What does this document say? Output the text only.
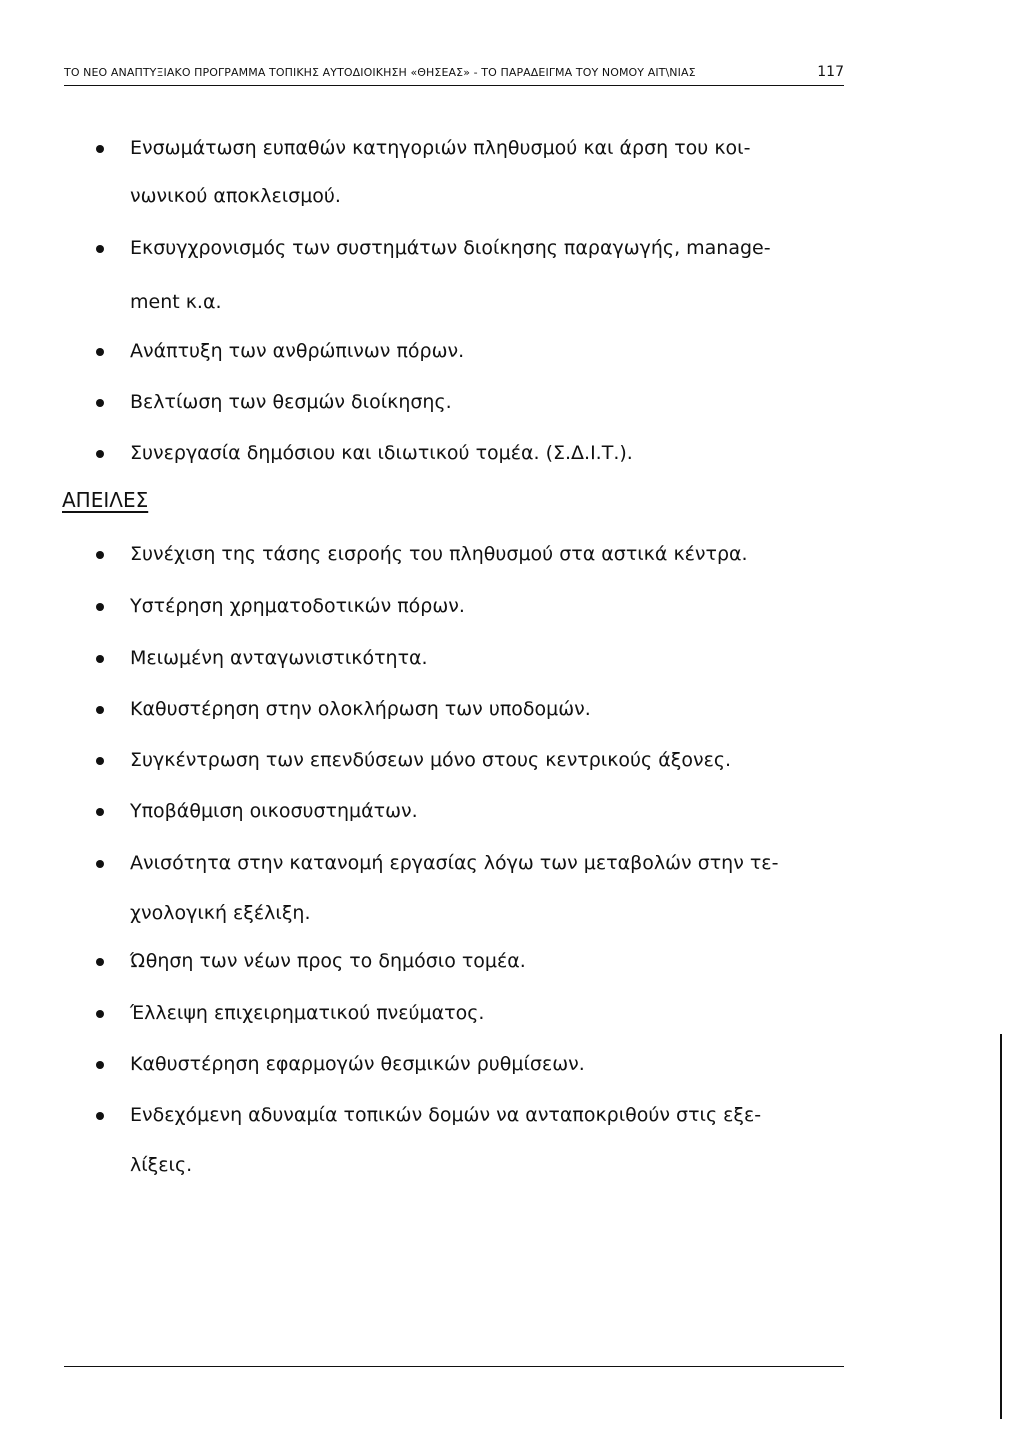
ΤΟ ΝΕΟ ΑΝΑΠΤΥΞΙΑΚΟ ΠΡΟΓΡΑΜΜΑ ΤΟΠΙΚΗΣ ΑΥΤΟΔΙΟΙΚΗΣΗ «ΘΗΣΕΑΣ» - ΤΟ ΠΑΡΑΔΕΙΓΜΑ ΤΟΥ ΝΟΜΟΥ ΑΙΤ\ΝΙΑΣ	117
Ενσωμάτωση ευπαθών κατηγοριών πληθυσμού και άρση του κοι-
νωνικού αποκλεισμού.
Εκσυγχρονισμός των συστημάτων διοίκησης παραγωγής, manage-
ment κ.α.
Ανάπτυξη των ανθρώπινων πόρων.
Βελτίωση των θεσμών διοίκησης.
Συνεργασία δημόσιου και ιδιωτικού τομέα. (Σ.Δ.Ι.Τ.).
ΑΠΕΙΛΕΣ
Συνέχιση της τάσης εισροής του πληθυσμού στα αστικά κέντρα.
Υστέρηση χρηματοδοτικών πόρων.
Μειωμένη ανταγωνιστικότητα.
Καθυστέρηση στην ολοκλήρωση των υποδομών.
Συγκέντρωση των επενδύσεων μόνο στους κεντρικούς άξονες.
Υποβάθμιση οικοσυστημάτων.
Ανισότητα στην κατανομή εργασίας λόγω των μεταβολών στην τε-
χνολογική εξέλιξη.
Ώθηση των νέων προς το δημόσιο τομέα.
Έλλειψη επιχειρηματικού πνεύματος.
Καθυστέρηση εφαρμογών θεσμικών ρυθμίσεων.
Ενδεχόμενη αδυναμία τοπικών δομών να ανταποκριθούν στις εξε-
λίξεις.
